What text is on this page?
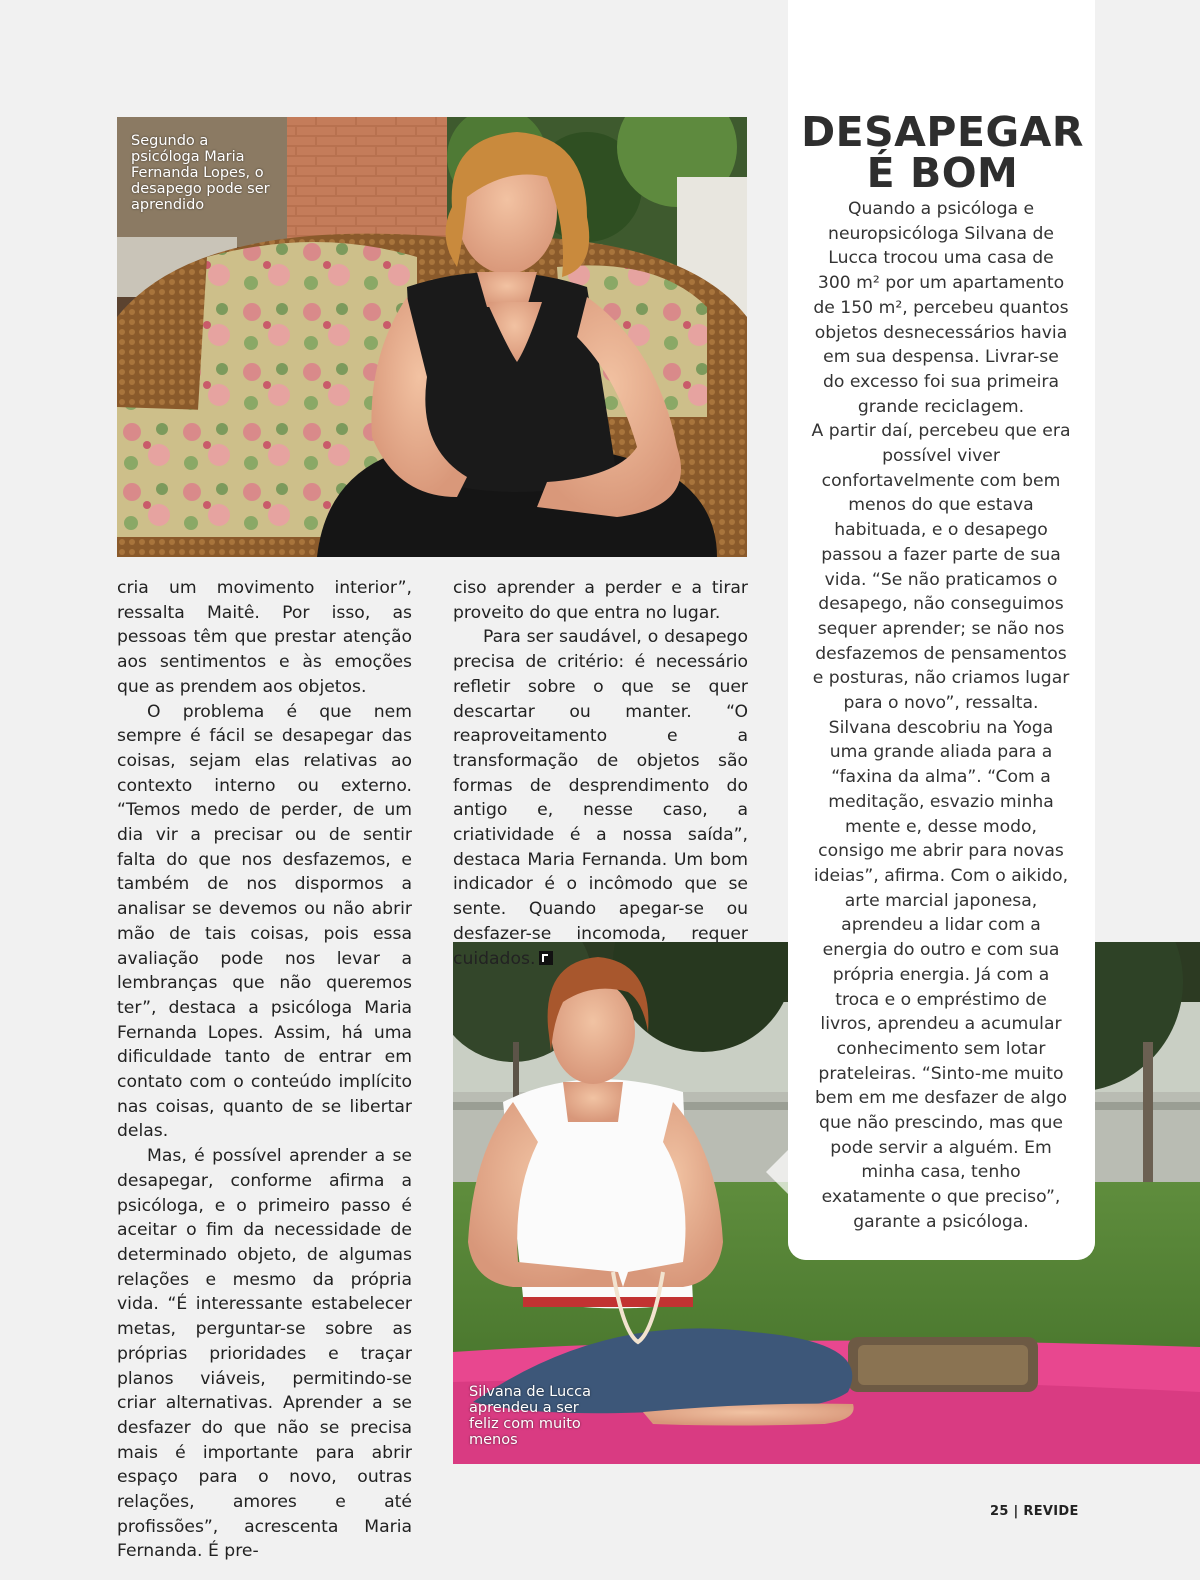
Segundo a psicóloga Maria Fernanda Lopes, o desapego pode ser aprendido
Silvana de Lucca aprendeu a ser feliz com muito menos

cria um movimento interior”, ressalta Maitê. Por isso, as pessoas têm que prestar atenção aos sentimentos e às emoções que as prendem aos objetos.

O problema é que nem sempre é fácil se desapegar das coisas, sejam elas relativas ao contexto interno ou externo. “Temos medo de perder, de um dia vir a precisar ou de sentir falta do que nos desfazemos, e também de nos dispormos a analisar se devemos ou não abrir mão de tais coisas, pois essa avaliação pode nos levar a lembranças que não queremos ter”, destaca a psicóloga Maria Fernanda Lopes. Assim, há uma dificuldade tanto de entrar em contato com o conteúdo implícito nas coisas, quanto de se libertar delas.

Mas, é possível aprender a se desapegar, conforme afirma a psicóloga, e o primeiro passo é aceitar o fim da necessidade de determinado objeto, de algumas relações e mesmo da própria vida. “É interessante estabelecer metas, perguntar-se sobre as próprias prioridades e traçar planos viáveis, permitindo-se criar alternativas. Aprender a se desfazer do que não se precisa mais é importante para abrir espaço para o novo, outras relações, amores e até profissões”, acrescenta Maria Fernanda. É pre-

ciso aprender a perder e a tirar proveito do que entra no lugar.

Para ser saudável, o desapego precisa de critério: é necessário refletir sobre o que se quer descartar ou manter. “O reaproveitamento e a transformação de objetos são formas de desprendimento do antigo e, nesse caso, a criatividade é a nossa saída”, destaca Maria Fernanda. Um bom indicador é o incômodo que se sente. Quando apegar-se ou desfazer-se incomoda, requer cuidados.

DESAPEGAR
É BOM

Quando a psicóloga e neuropsicóloga Silvana de Lucca trocou uma casa de 300 m² por um apartamento de 150 m², percebeu quantos objetos desnecessários havia em sua despensa. Livrar-se do excesso foi sua primeira grande reciclagem.

A partir daí, percebeu que era possível viver confortavelmente com bem menos do que estava habituada, e o desapego passou a fazer parte de sua vida. “Se não praticamos o desapego, não conseguimos sequer aprender; se não nos desfazemos de pensamentos e posturas, não criamos lugar para o novo”, ressalta.

Silvana descobriu na Yoga uma grande aliada para a “faxina da alma”. “Com a meditação, esvazio minha mente e, desse modo, consigo me abrir para novas ideias”, afirma. Com o aikido, arte marcial japonesa, aprendeu a lidar com a energia do outro e com sua própria energia. Já com a troca e o empréstimo de livros, aprendeu a acumular conhecimento sem lotar prateleiras. “Sinto-me muito bem em me desfazer de algo que não prescindo, mas que pode servir a alguém. Em minha casa, tenho exatamente o que preciso”, garante a psicóloga.

25 | REVIDE
